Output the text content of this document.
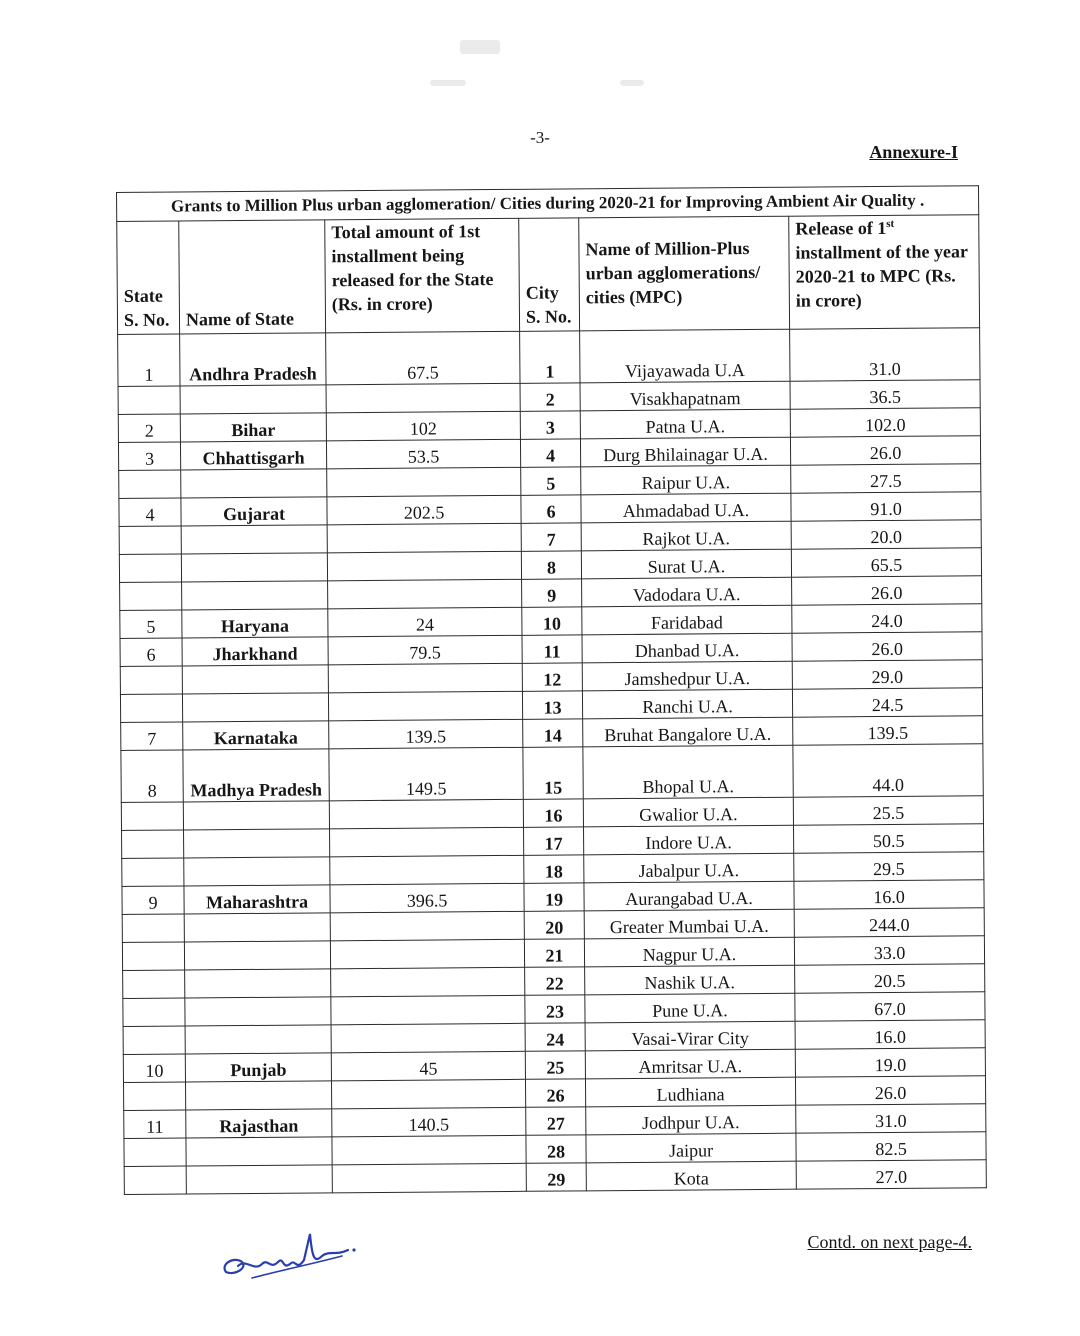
-3-
Annexure-I
Grants to Million Plus urban agglomeration/ Cities during 2020-21 for Improving Ambient Air Quality .					
State S. No.	Name of State	Total amount of 1st installment being released for the State (Rs. in crore)	City S. No.	Name of Million-Plus urban agglomerations/ cities (MPC)	Release of 1st installment of the year 2020-21 to MPC (Rs. in crore)
1	Andhra Pradesh	67.5	1	Vijayawada U.A	31.0
			2	Visakhapatnam	36.5
2	Bihar	102	3	Patna U.A.	102.0
3	Chhattisgarh	53.5	4	Durg Bhilainagar U.A.	26.0
			5	Raipur U.A.	27.5
4	Gujarat	202.5	6	Ahmadabad U.A.	91.0
			7	Rajkot U.A.	20.0
			8	Surat U.A.	65.5
			9	Vadodara U.A.	26.0
5	Haryana	24	10	Faridabad	24.0
6	Jharkhand	79.5	11	Dhanbad U.A.	26.0
			12	Jamshedpur U.A.	29.0
			13	Ranchi U.A.	24.5
7	Karnataka	139.5	14	Bruhat Bangalore U.A.	139.5
8	Madhya Pradesh	149.5	15	Bhopal U.A.	44.0
			16	Gwalior U.A.	25.5
			17	Indore U.A.	50.5
			18	Jabalpur U.A.	29.5
9	Maharashtra	396.5	19	Aurangabad U.A.	16.0
			20	Greater Mumbai U.A.	244.0
			21	Nagpur U.A.	33.0
			22	Nashik U.A.	20.5
			23	Pune U.A.	67.0
			24	Vasai-Virar City	16.0
10	Punjab	45	25	Amritsar U.A.	19.0
			26	Ludhiana	26.0
11	Rajasthan	140.5	27	Jodhpur U.A.	31.0
			28	Jaipur	82.5
			29	Kota	27.0
Contd. on next page-4.
